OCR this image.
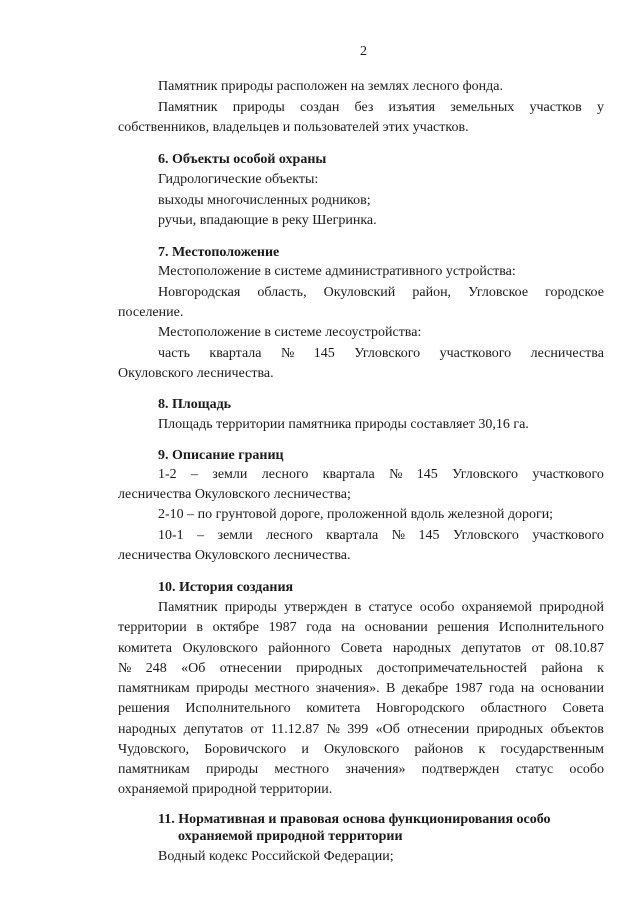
2
Памятник природы расположен на землях лесного фонда.
Памятник природы создан без изъятия земельных участков у
собственников, владельцев и пользователей этих участков.
6. Объекты особой охраны
Гидрологические объекты:
выходы многочисленных родников;
ручьи, впадающие в реку Шегринка.
7. Местоположение
Местоположение в системе административного устройства:
Новгородская область, Окуловский район, Угловское городское
поселение.
Местоположение в системе лесоустройства:
часть квартала № 145 Угловского участкового лесничества
Окуловского лесничества.
8. Площадь
Площадь территории памятника природы составляет 30,16 га.
9. Описание границ
1-2 – земли лесного квартала № 145 Угловского участкового
лесничества Окуловского лесничества;
2-10 – по грунтовой дороге, проложенной вдоль железной дороги;
10-1 – земли лесного квартала № 145 Угловского участкового
лесничества Окуловского лесничества.
10. История создания
Памятник природы утвержден в статусе особо охраняемой природной
территории в октябре 1987 года на основании решения Исполнительного
комитета Окуловского районного Совета народных депутатов от 08.10.87
№ 248 «Об отнесении природных достопримечательностей района к
памятникам природы местного значения». В декабре 1987 года на основании
решения Исполнительного комитета Новгородского областного Совета
народных депутатов от 11.12.87 № 399 «Об отнесении природных объектов
Чудовского, Боровичского и Окуловского районов к государственным
памятникам природы местного значения» подтвержден статус особо
охраняемой природной территории.
11. Нормативная и правовая основа функционирования особо
охраняемой природной территории
Водный кодекс Российской Федерации;
